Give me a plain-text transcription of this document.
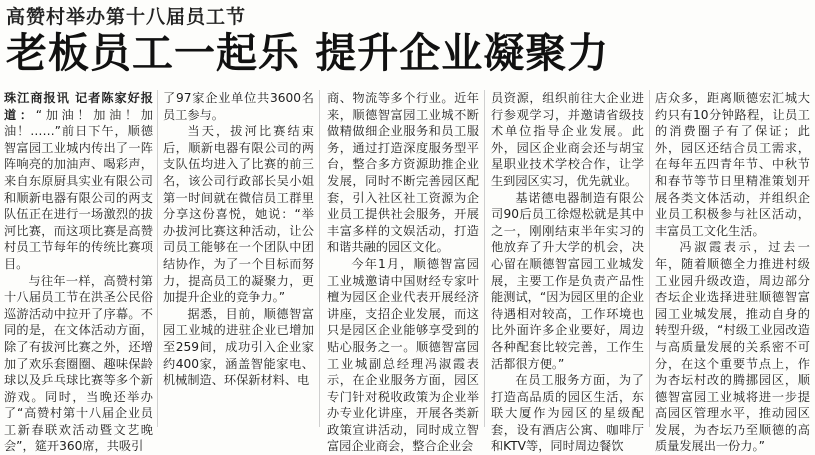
高赞村举办第十八届员工节
老板员工一起乐 提升企业凝聚力

珠江商报讯 记者陈家好报道：“加油！加油！加油！……”前日下午，顺德智富园工业城内传出了一阵阵响亮的加油声、喝彩声，来自东原厨具实业有限公司和顺新电器有限公司的两支队伍正在进行一场激烈的拔河比赛，而这项比赛是高赞村员工节每年的传统比赛项目。

与往年一样，高赞村第十八届员工节在洪圣公民俗巡游活动中拉开了序幕。不同的是，在文体活动方面，除了有拔河比赛之外，还增加了欢乐套圈圈、趣味保龄球以及乒乓球比赛等多个新游戏。同时，当晚还举办了“高赞村第十八届企业员工新春联欢活动暨文艺晚会”，筵开360席，共吸引

了97家企业单位共3600名员工参与。

当天，拔河比赛结束后，顺新电器有限公司的两支队伍均进入了比赛的前三名，该公司行政部长吴小姐第一时间就在微信员工群里分享这份喜悦，她说：“举办拔河比赛这种活动，让公司员工能够在一个团队中团结协作，为了一个目标而努力，提高员工的凝聚力，更加提升企业的竞争力。”

据悉，目前，顺德智富园工业城的进驻企业已增加至259间，成功引入企业家约400家，涵盖智能家电、机械制造、环保新材料、电

商、物流等多个行业。近年来，顺德智富园工业城不断做精做细企业服务和员工服务，通过打造深度服务型平台，整合多方资源助推企业发展，同时不断完善园区配套，引入社区社工资源为企业员工提供社会服务，开展丰富多样的文娱活动，打造和谐共融的园区文化。

今年1月，顺德智富园工业城邀请中国财经专家叶檀为园区企业代表开展经济讲座，支招企业发展，而这只是园区企业能够享受到的贴心服务之一。顺德智富园工业城副总经理冯淑霞表示，在企业服务方面，园区专门针对税收政策为企业举办专业化讲座，开展各类新政策宣讲活动，同时成立智富园企业商会，整合企业会

员资源，组织前往大企业进行参观学习，并邀请省级技术单位指导企业发展。此外，园区企业商会还与胡宝星职业技术学校合作，让学生到园区实习，优先就业。

基诺德电器制造有限公司90后员工徐煜松就是其中之一，刚刚结束半年实习的他放弃了升大学的机会，决心留在顺德智富园工业城发展，主要工作是负责产品性能测试，“因为园区里的企业待遇相对较高，工作环境也比外面许多企业要好，周边各种配套比较完善，工作生活都很方便。”

在员工服务方面，为了打造高品质的园区生活，东联大厦作为园区的星级配套，设有酒店公寓、咖啡厅和KTV等，同时周边餐饮

店众多，距离顺德宏汇城大约只有10分钟路程，让员工的消费圈子有了保证；此外，园区还结合员工需求，在每年五四青年节、中秋节和春节等节日里精准策划开展各类文体活动，并组织企业员工积极参与社区活动，丰富员工文化生活。

冯淑霞表示，过去一年，随着顺德全力推进村级工业园升级改造，周边部分杏坛企业选择进驻顺德智富园工业城发展，推动自身的转型升级，“村级工业园改造与高质量发展的关系密不可分，在这个重要节点上，作为杏坛村改的腾挪园区，顺德智富园工业城将进一步提高园区管理水平，推动园区发展，为杏坛乃至顺德的高质量发展出一份力。”
